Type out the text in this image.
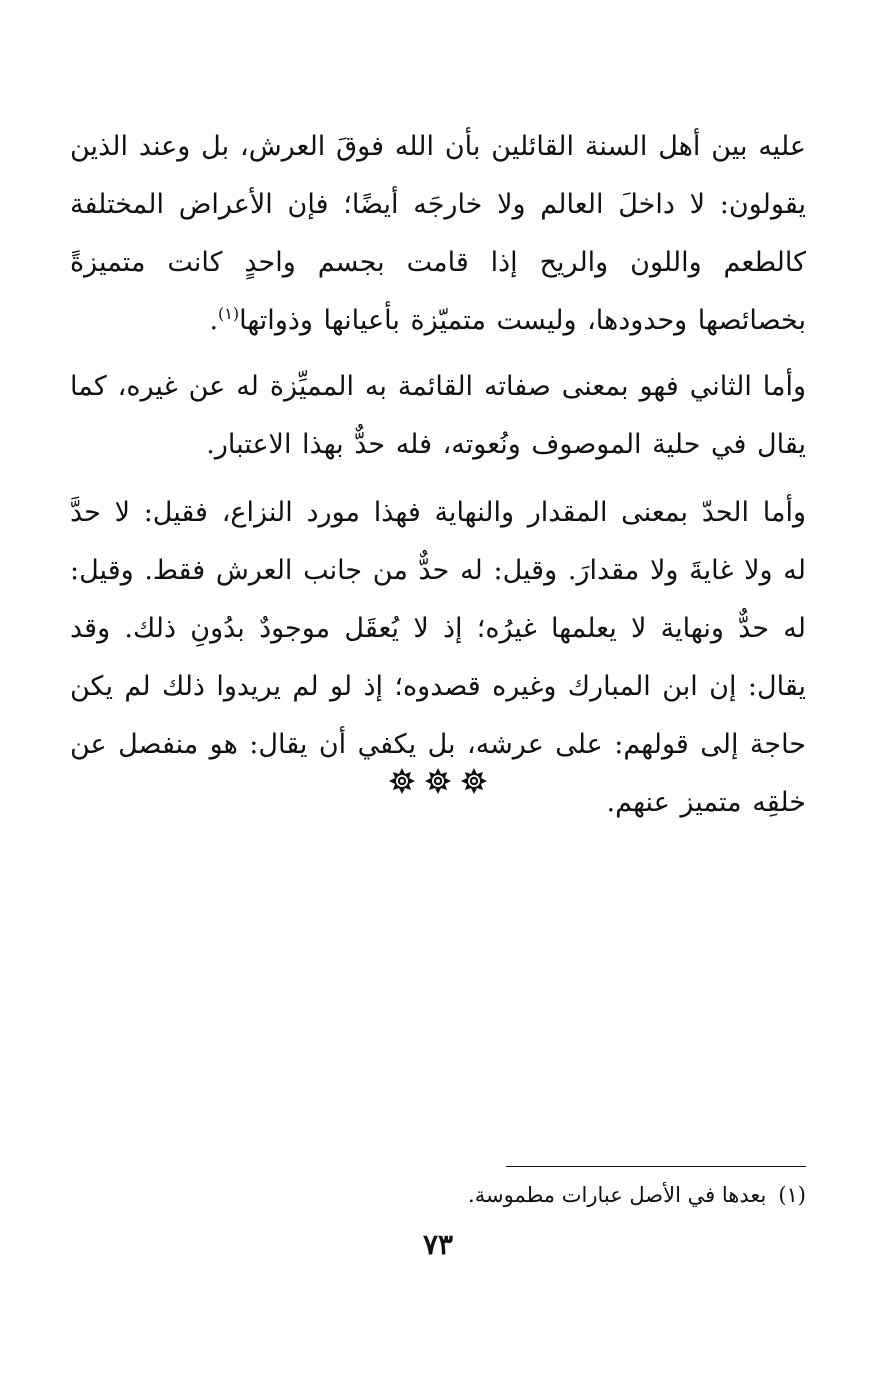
عليه بين أهل السنة القائلين بأن الله فوقَ العرش، بل وعند الذين يقولون: لا داخلَ العالم ولا خارجَه أيضًا؛ فإن الأعراض المختلفة كالطعم واللون والريح إذا قامت بجسم واحدٍ كانت متميزةً بخصائصها وحدودها، وليست متميّزة بأعيانها وذواتها$^{(١)}$.

وأما الثاني فهو بمعنى صفاته القائمة به المميِّزة له عن غيره، كما يقال في حلية الموصوف ونُعوته، فله حدٌّ بهذا الاعتبار.

وأما الحدّ بمعنى المقدار والنهاية فهذا مورد النزاع، فقيل: لا حدَّ له ولا غايةَ ولا مقدارَ. وقيل: له حدٌّ من جانب العرش فقط. وقيل: له حدٌّ ونهاية لا يعلمها غيرُه؛ إذ لا يُعقَل موجودٌ بدُونِ ذلك. وقد يقال: إن ابن المبارك وغيره قصدوه؛ إذ لو لم يريدوا ذلك لم يكن حاجة إلى قولهم: على عرشه، بل يكفي أن يقال: هو منفصل عن خلقِه متميز عنهم.

(١)بعدها في الأصل عبارات مطموسة.

٧٣
